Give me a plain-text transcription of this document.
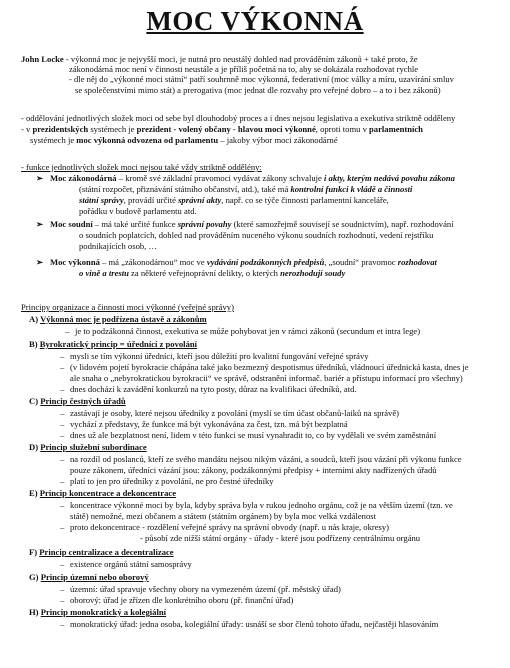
MOC VÝKONNÁ
John Locke - výkonná moc je nejvyšší moci, je nutná pro neustálý dohled nad prováděním zákonů + také proto, že
zákonodárná moc není v činnosti neustále a je příliš početná na to, aby se dokázala rozhodovat rychle
- dle něj do „výkonné moci státní“ patří souhrnně moc výkonná, federativní (moc války a míru, uzavírání smluv
se společenstvími mimo stát) a prerogativa (moc jednat dle rozvahy pro veřejné dobro – a to i bez zákonů)
- oddělování jednotlivých složek moci od sebe byl dlouhodobý proces a i dnes nejsou legislativa a exekutiva striktně odděleny
- v prezidentských systémech je prezident - volený občany - hlavou moci výkonné, oproti tomu v parlamentních
systémech je moc výkonná odvozena od parlamentu – jakoby výbor moci zákonodárné
- funkce jednotlivých složek moci nejsou také vždy striktně oddělény:
➢ Moc zákonodárná – kromě své základní pravomoci vydávat zákony schvaluje i akty, kterým nedává povahu zákona
(státní rozpočet, přiznávání státního občanství, atd.), také má kontrolní funkci k vládě a činnosti
státní správy, provádí určité správní akty, např. co se týče činnosti parlamentní kanceláře,
pořádku v budově parlamentu atd.
➢ Moc soudní – má také určité funkce správní povahy (které samozřejmě souvisejí se soudnictvím), např. rozhodování
o soudních poplatcích, dohled nad prováděním nuceného výkonu soudních rozhodnutí, vedení rejstříku
podnikajících osob, …
➢ Moc výkonná – má „zákonodárnou“ moc ve vydávání podzákonných předpisů, „soudní“ pravomoc rozhodovat
o vině a trestu za některé veřejnoprávní delikty, o kterých nerozhodují soudy
Principy organizace a činnosti moci výkonné (veřejné správy)
A) Výkonná moc je podřízena ústavě a zákonům
– je to podzákonná činnost, exekutiva se může pohybovat jen v rámci zákonů (secundum et intra lege)
B) Byrokratický princip = úřednící z povolání
– mysli se tím výkonní úředníci, kteří jsou důležití pro kvalitní fungování veřejné správy
– (v lidovém pojetí byrokracie chápána také jako bezmezný despotismus úředníků, vládnoucí úřednická kasta, dnes je
ale snaha o „nebyrokratickou byrokracii“ ve správě, odstranění informač. bariér a přístupu informací pro všechny)
– dnes dochází k zavádění konkurzů na tyto posty, důraz na kvalifikaci úředníků, atd.
C) Princip čestných úřadů
– zastávají je osoby, které nejsou úředníky z povolání (myslí se tím účast občanů-laiků na správě)
– vychází z představy, že funkce má být vykonávána za čest, tzn. má být bezplatná
– dnes už ale bezplatnost není, lidem v této funkci se musí vynahradit to, co by vydělali ve svém zaměstnání
D) Princip služební subordinace
– na rozdíl od poslanců, kteří ze svého mandátu nejsou nikým vázáni, a soudců, kteří jsou vázání při výkonu funkce
pouze zákonem, úředníci vázání jsou: zákony, podzákonnými předpisy + interními akty nadřízených úřadů
– platí to jen pro úředníky z povolání, ne pro čestné úředníky
E) Princip koncentrace a dekoncentrace
– koncentrace výkonné moci by byla, kdyby správa byla v rukou jednoho orgánu, což je na větším území (tzn. ve
státě) nemožné, mezi občanem a státem (státním orgánem) by byla moc velká vzdálenost
– proto dekoncentrace - rozdělení veřejné správy na správní obvody (např. u nás kraje, okresy)
- působí zde nižší státní orgány - úřady - které jsou podřízeny centrálnímu orgánu
F) Princip centralizace a decentralizace
– existence orgánů státní samosprávy
G) Princip územní nebo oborový
– územní: úřad spravuje všechny obory na vymezeném území (př. městský úřad)
– oborový: úřad je zřízen dle konkrétního oboru (př. finanční úřad)
H) Princip monokratický a kolegiální
– monokratický úřad: jedna osoba, kolegiální úřady: usnáší se sbor členů tohoto úřadu, nejčastěji hlasováním
